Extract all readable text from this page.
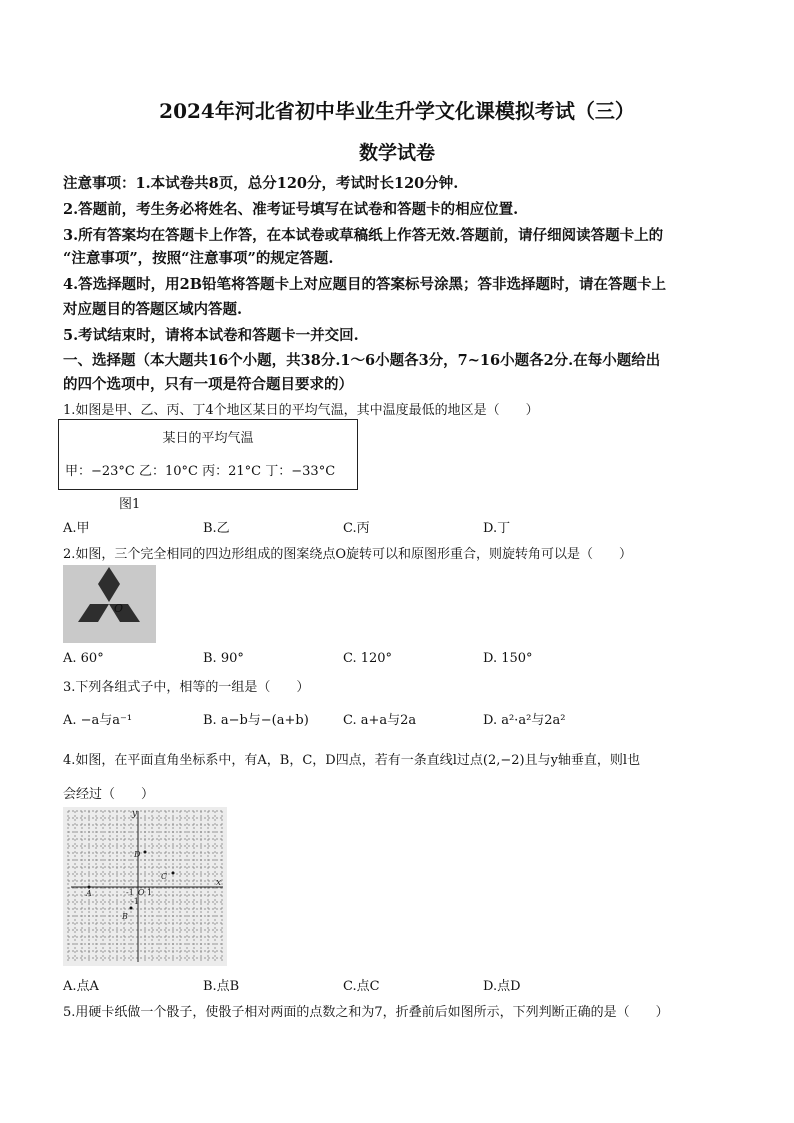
2024年河北省初中毕业生升学文化课模拟考试（三）
数学试卷
注意事项：1.本试卷共8页，总分120分，考试时长120分钟.
2.答题前，考生务必将姓名、准考证号填写在试卷和答题卡的相应位置.
3.所有答案均在答题卡上作答，在本试卷或草稿纸上作答无效.答题前，请仔细阅读答题卡上的
“注意事项”，按照“注意事项”的规定答题.
4.答选择题时，用2B铅笔将答题卡上对应题目的答案标号涂黑；答非选择题时，请在答题卡上
对应题目的答题区域内答题.
5.考试结束时，请将本试卷和答题卡一并交回.
一、选择题（本大题共16个小题，共38分.1～6小题各3分，7~16小题各2分.在每小题给出
的四个选项中，只有一项是符合题目要求的）
1.如图是甲、乙、丙、丁4个地区某日的平均气温，其中温度最低的地区是（　　）
某日的平均气温
甲：−23°C 乙：10°C 丙：21°C 丁：−33°C
图1
A.甲	B.乙	C.丙	D.丁
2.如图，三个完全相同的四边形组成的图案绕点O旋转可以和原图形重合，则旋转角可以是（　　）
O
A. 60°	B. 90°	C. 120°	D. 150°
3.下列各组式子中，相等的一组是（　　）
A. −a与a⁻¹	B. a−b与−(a+b)	C. a+a与2a	D. a²·a²与2a²
4.如图，在平面直角坐标系中，有A，B，C，D四点，若有一条直线l过点(2,−2)且与y轴垂直，则l也
会经过（　　）
x
y
O
-1 1
-1
A
B
C
D
A.点A	B.点B	C.点C	D.点D
5.用硬卡纸做一个骰子，使骰子相对两面的点数之和为7，折叠前后如图所示，下列判断正确的是（　　）
